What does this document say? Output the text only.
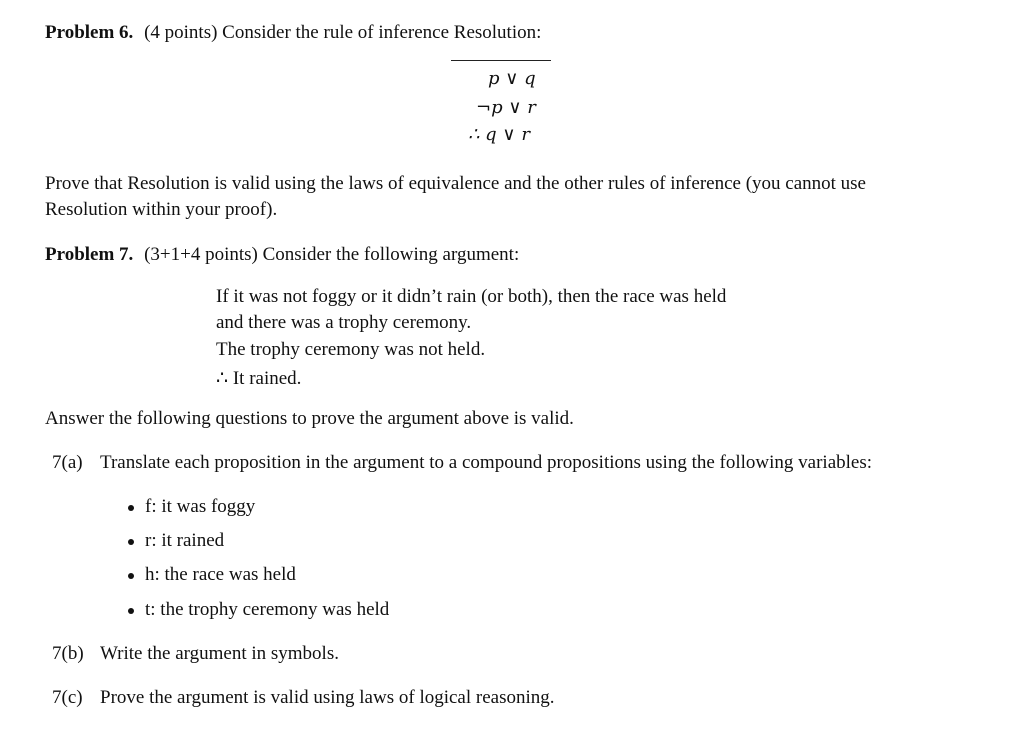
Problem 6. (4 points) Consider the rule of inference Resolution:
p ∨ q
¬p ∨ r
∴ q ∨ r
Prove that Resolution is valid using the laws of equivalence and the other rules of inference (you cannot use
Resolution within your proof).
Problem 7. (3+1+4 points) Consider the following argument:
If it was not foggy or it didn’t rain (or both), then the race was held
and there was a trophy ceremony.
The trophy ceremony was not held.
∴ It rained.
Answer the following questions to prove the argument above is valid.
7(a) Translate each proposition in the argument to a compound propositions using the following variables:
f: it was foggy
r: it rained
h: the race was held
t: the trophy ceremony was held
7(b) Write the argument in symbols.
7(c) Prove the argument is valid using laws of logical reasoning.
